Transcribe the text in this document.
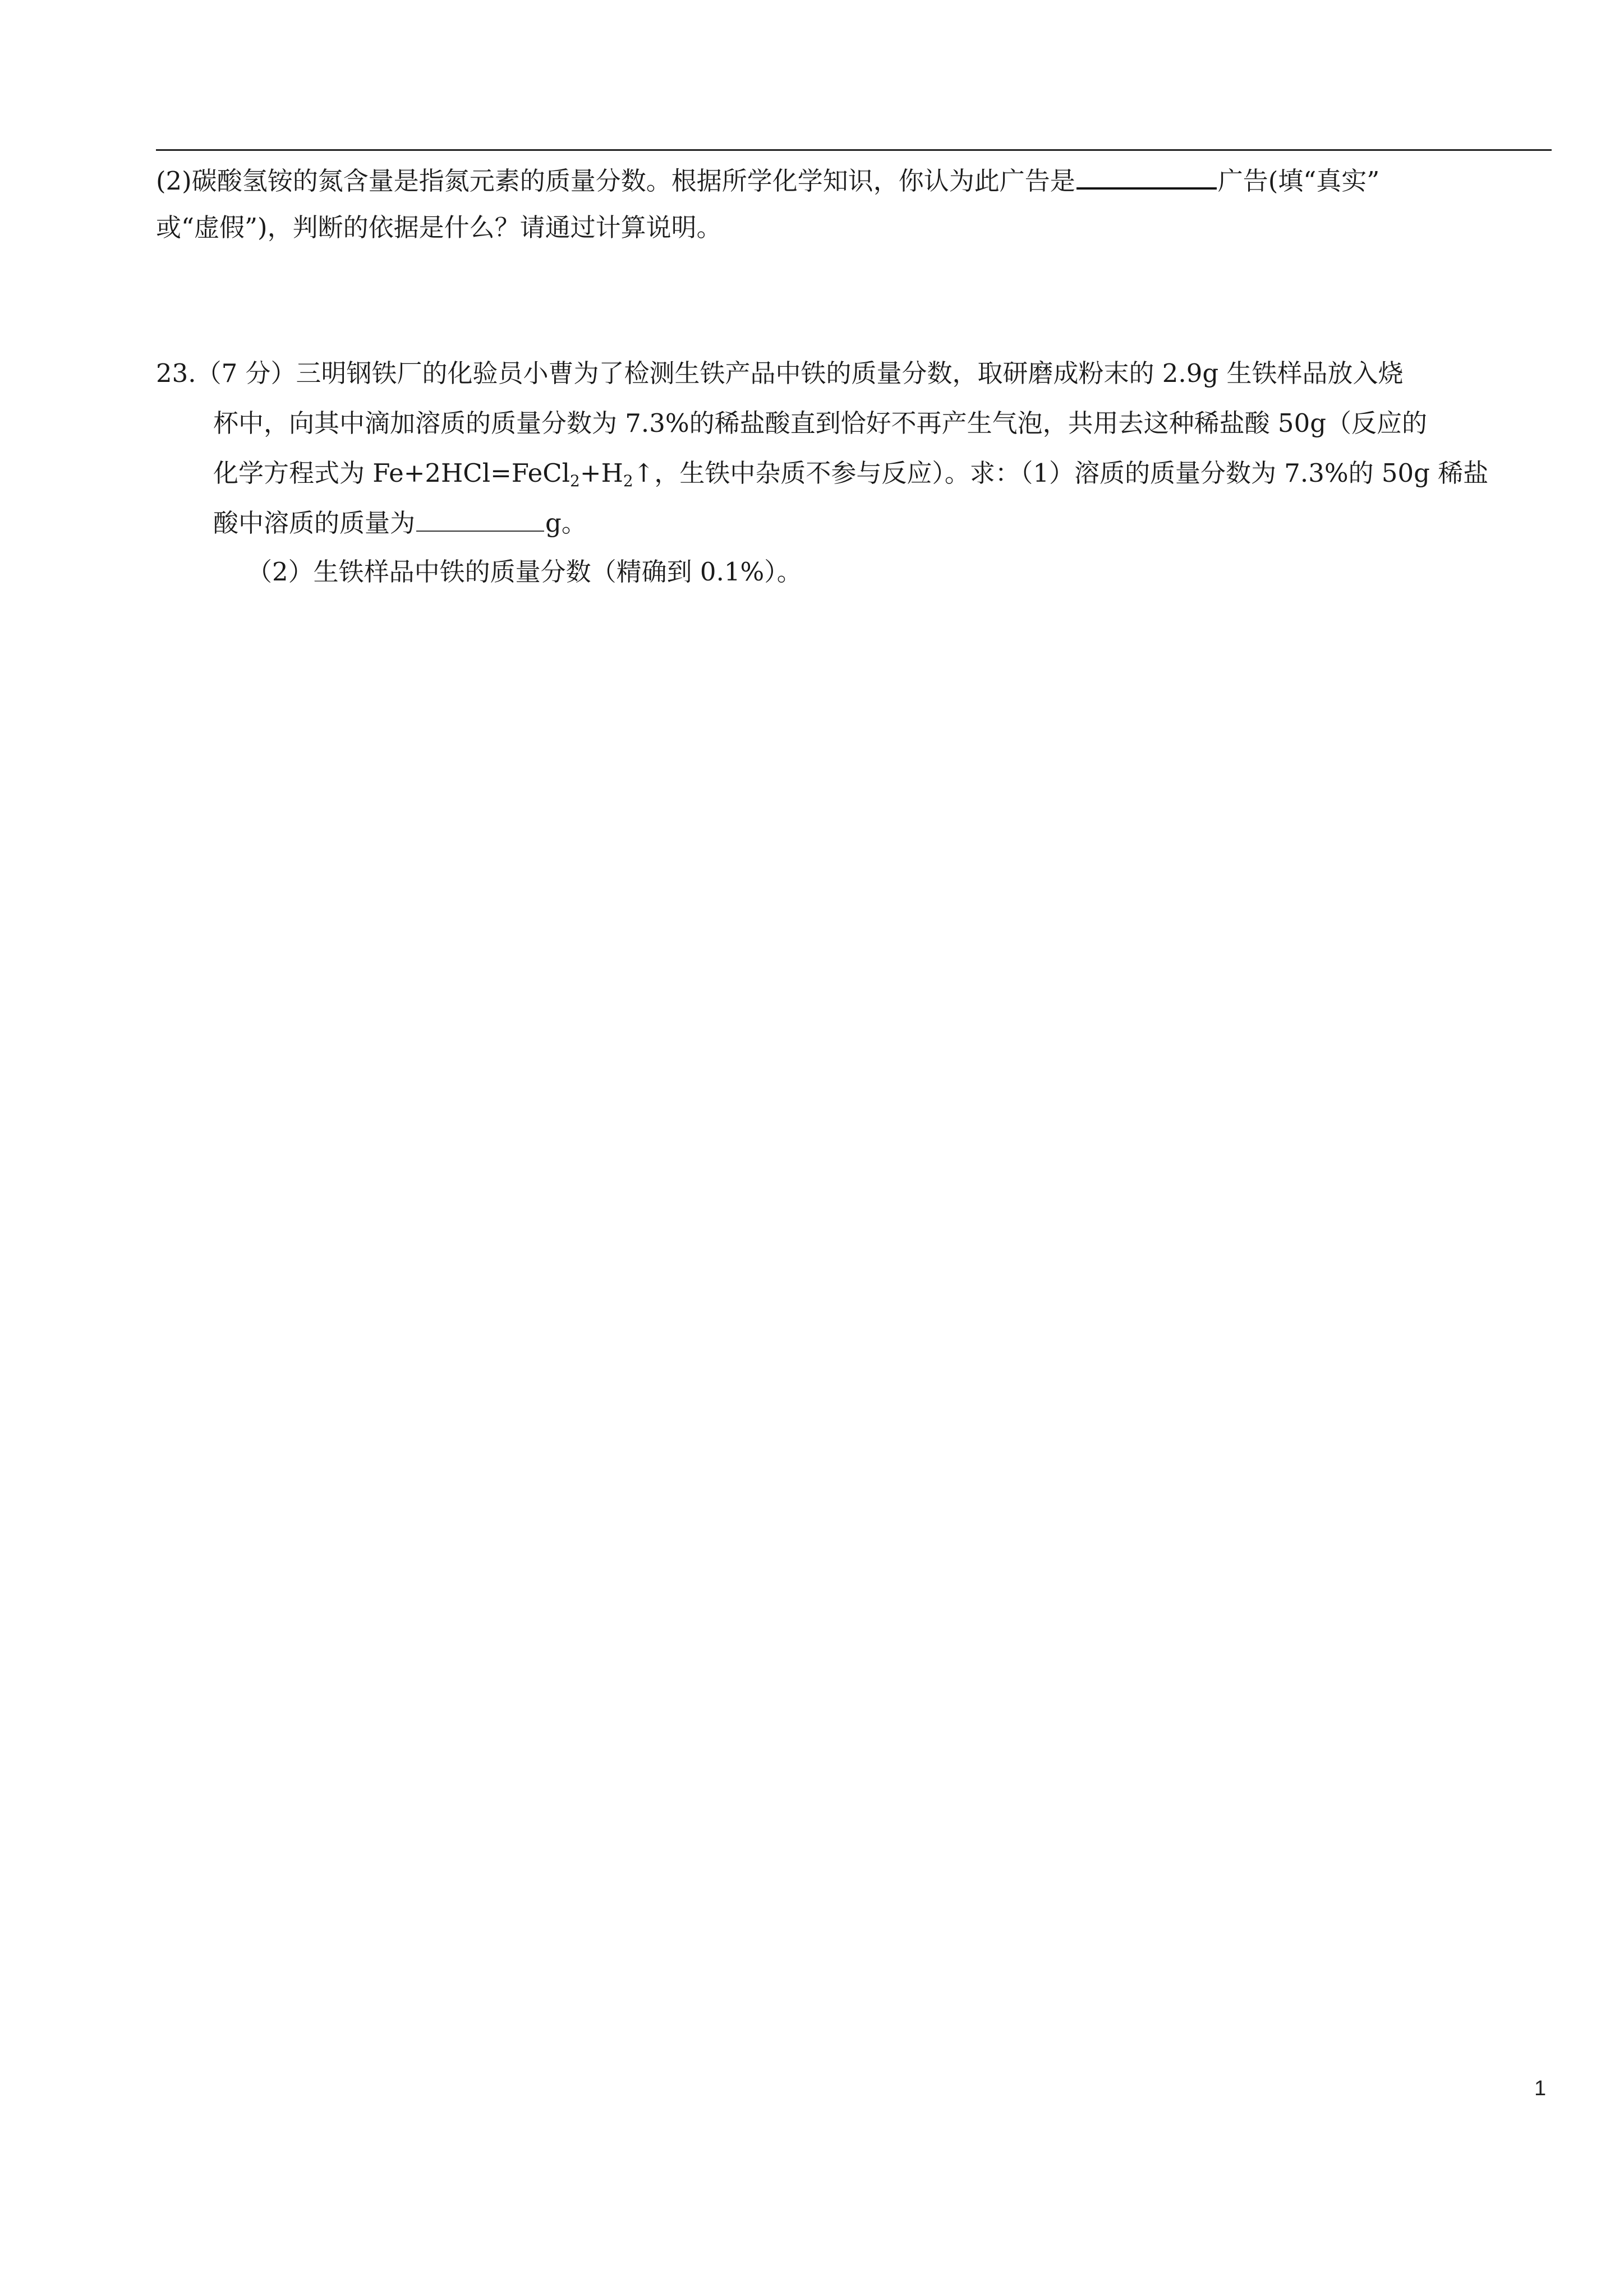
(2)碳酸氢铵的氮含量是指氮元素的质量分数。根据所学化学知识，你认为此广告是	广告(填“真实”
或“虚假”)，判断的依据是什么？请通过计算说明。
23.（7 分）三明钢铁厂的化验员小曹为了检测生铁产品中铁的质量分数，取研磨成粉末的 2.9g 生铁样品放入烧
杯中，向其中滴加溶质的质量分数为 7.3%的稀盐酸直到恰好不再产生气泡，共用去这种稀盐酸 50g（反应的
化学方程式为 $Fe+2HCl=FeCl_2+H_2↑$，生铁中杂质不参与反应）。求：（1）溶质的质量分数为 7.3%的 50g 稀盐
酸中溶质的质量为	g。
（2）生铁样品中铁的质量分数（精确到 0.1%）。
1
